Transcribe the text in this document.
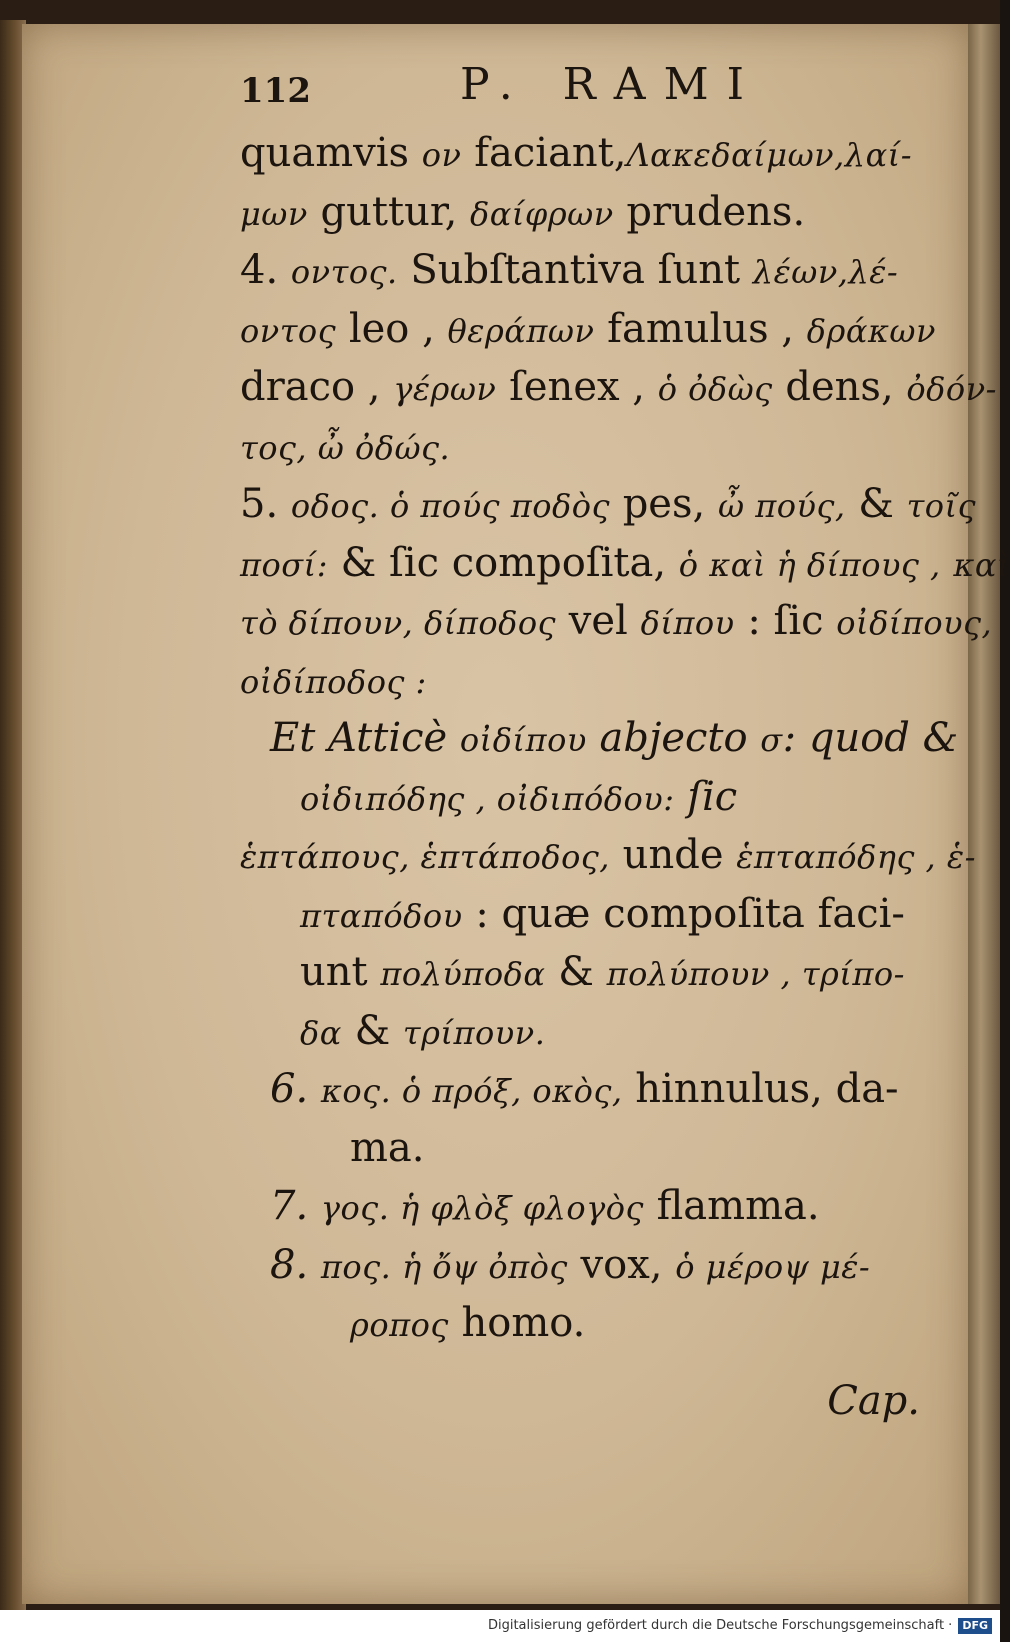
112	P. RAMI
quamvis ον faciant,Λακεδαίμων,λαί-
μων guttur, δαίφρων prudens.
4. οντος. Subſtantiva ſunt λέων,λέ-
οντος leo , θεράπων famulus , δράκων
draco , γέρων ſenex , ὁ ὀδὼς dens, ὀδόν-
τος, ὦ ὀδώς.
5. οδος. ὁ πούς ποδὸς pes, ὦ πούς, & τοῖς
ποσί: & ſic compoſita, ὁ καὶ ἡ δίπους , καὶ
τὸ δίπουν, δίποδος vel δίπου : ſic οἰδίπους,
οἰδίποδος :
Et Atticè οἰδίπου abjecto σ: quod &
οἰδιπόδης , οἰδιπόδου: ſic
ἑπτάπους, ἑπτάποδος, unde ἑπταπόδης , ἑ-
πταπόδου : quæ compoſita faci-
unt πολύποδα & πολύπουν , τρίπο-
δα & τρίπουν.
6. κος. ὁ πρόξ, οκὸς, hinnulus, da-
ma.
7. γος. ἡ φλὸξ φλογὸς flamma.
8. πος. ἡ ὄψ ὀπὸς vox, ὁ μέροψ μέ-
ροπος homo.
Cap.
Digitalisierung gefördert durch die Deutsche Forschungsgemeinschaft · DFG
